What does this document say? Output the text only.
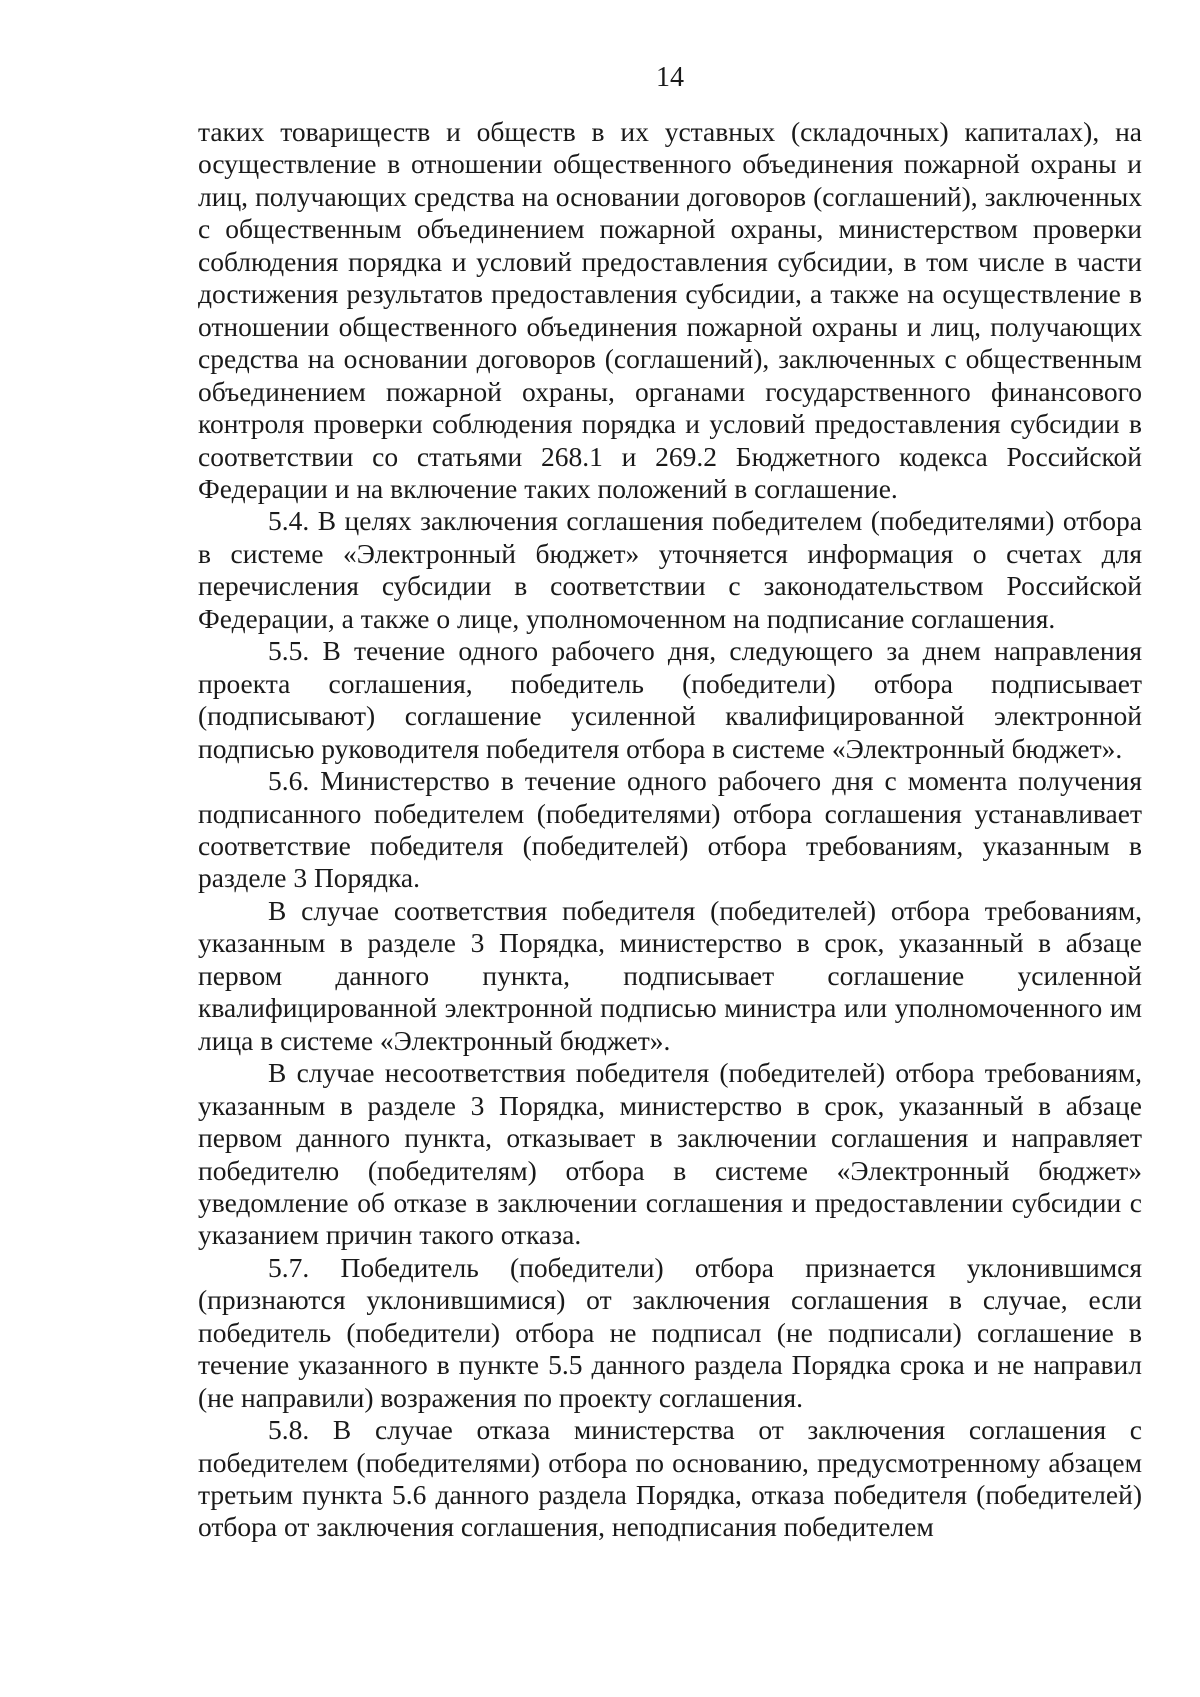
14

таких товариществ и обществ в их уставных (складочных) капиталах), на осуществление в отношении общественного объединения пожарной охраны и лиц, получающих средства на основании договоров (соглашений), заключенных с общественным объединением пожарной охраны, министерством проверки соблюдения порядка и условий предоставления субсидии, в том числе в части достижения результатов предоставления субсидии, а также на осуществление в отношении общественного объединения пожарной охраны и лиц, получающих средства на основании договоров (соглашений), заключенных с общественным объединением пожарной охраны, органами государственного финансового контроля проверки соблюдения порядка и условий предоставления субсидии в соответствии со статьями 268.1 и 269.2 Бюджетного кодекса Российской Федерации и на включение таких положений в соглашение.

5.4. В целях заключения соглашения победителем (победителями) отбора в системе «Электронный бюджет» уточняется информация о счетах для перечисления субсидии в соответствии с законодательством Российской Федерации, а также о лице, уполномоченном на подписание соглашения.

5.5. В течение одного рабочего дня, следующего за днем направления проекта соглашения, победитель (победители) отбора подписывает (подписывают) соглашение усиленной квалифицированной электронной подписью руководителя победителя отбора в системе «Электронный бюджет».

5.6. Министерство в течение одного рабочего дня с момента получения подписанного победителем (победителями) отбора соглашения устанавливает соответствие победителя (победителей) отбора требованиям, указанным в разделе 3 Порядка.

В случае соответствия победителя (победителей) отбора требованиям, указанным в разделе 3 Порядка, министерство в срок, указанный в абзаце первом данного пункта, подписывает соглашение усиленной квалифицированной электронной подписью министра или уполномоченного им лица в системе «Электронный бюджет».

В случае несоответствия победителя (победителей) отбора требованиям, указанным в разделе 3 Порядка, министерство в срок, указанный в абзаце первом данного пункта, отказывает в заключении соглашения и направляет победителю (победителям) отбора в системе «Электронный бюджет» уведомление об отказе в заключении соглашения и предоставлении субсидии с указанием причин такого отказа.

5.7. Победитель (победители) отбора признается уклонившимся (признаются уклонившимися) от заключения соглашения в случае, если победитель (победители) отбора не подписал (не подписали) соглашение в течение указанного в пункте 5.5 данного раздела Порядка срока и не направил (не направили) возражения по проекту соглашения.

5.8. В случае отказа министерства от заключения соглашения с победителем (победителями) отбора по основанию, предусмотренному абзацем третьим пункта 5.6 данного раздела Порядка, отказа победителя (победителей) отбора от заключения соглашения, неподписания победителем
